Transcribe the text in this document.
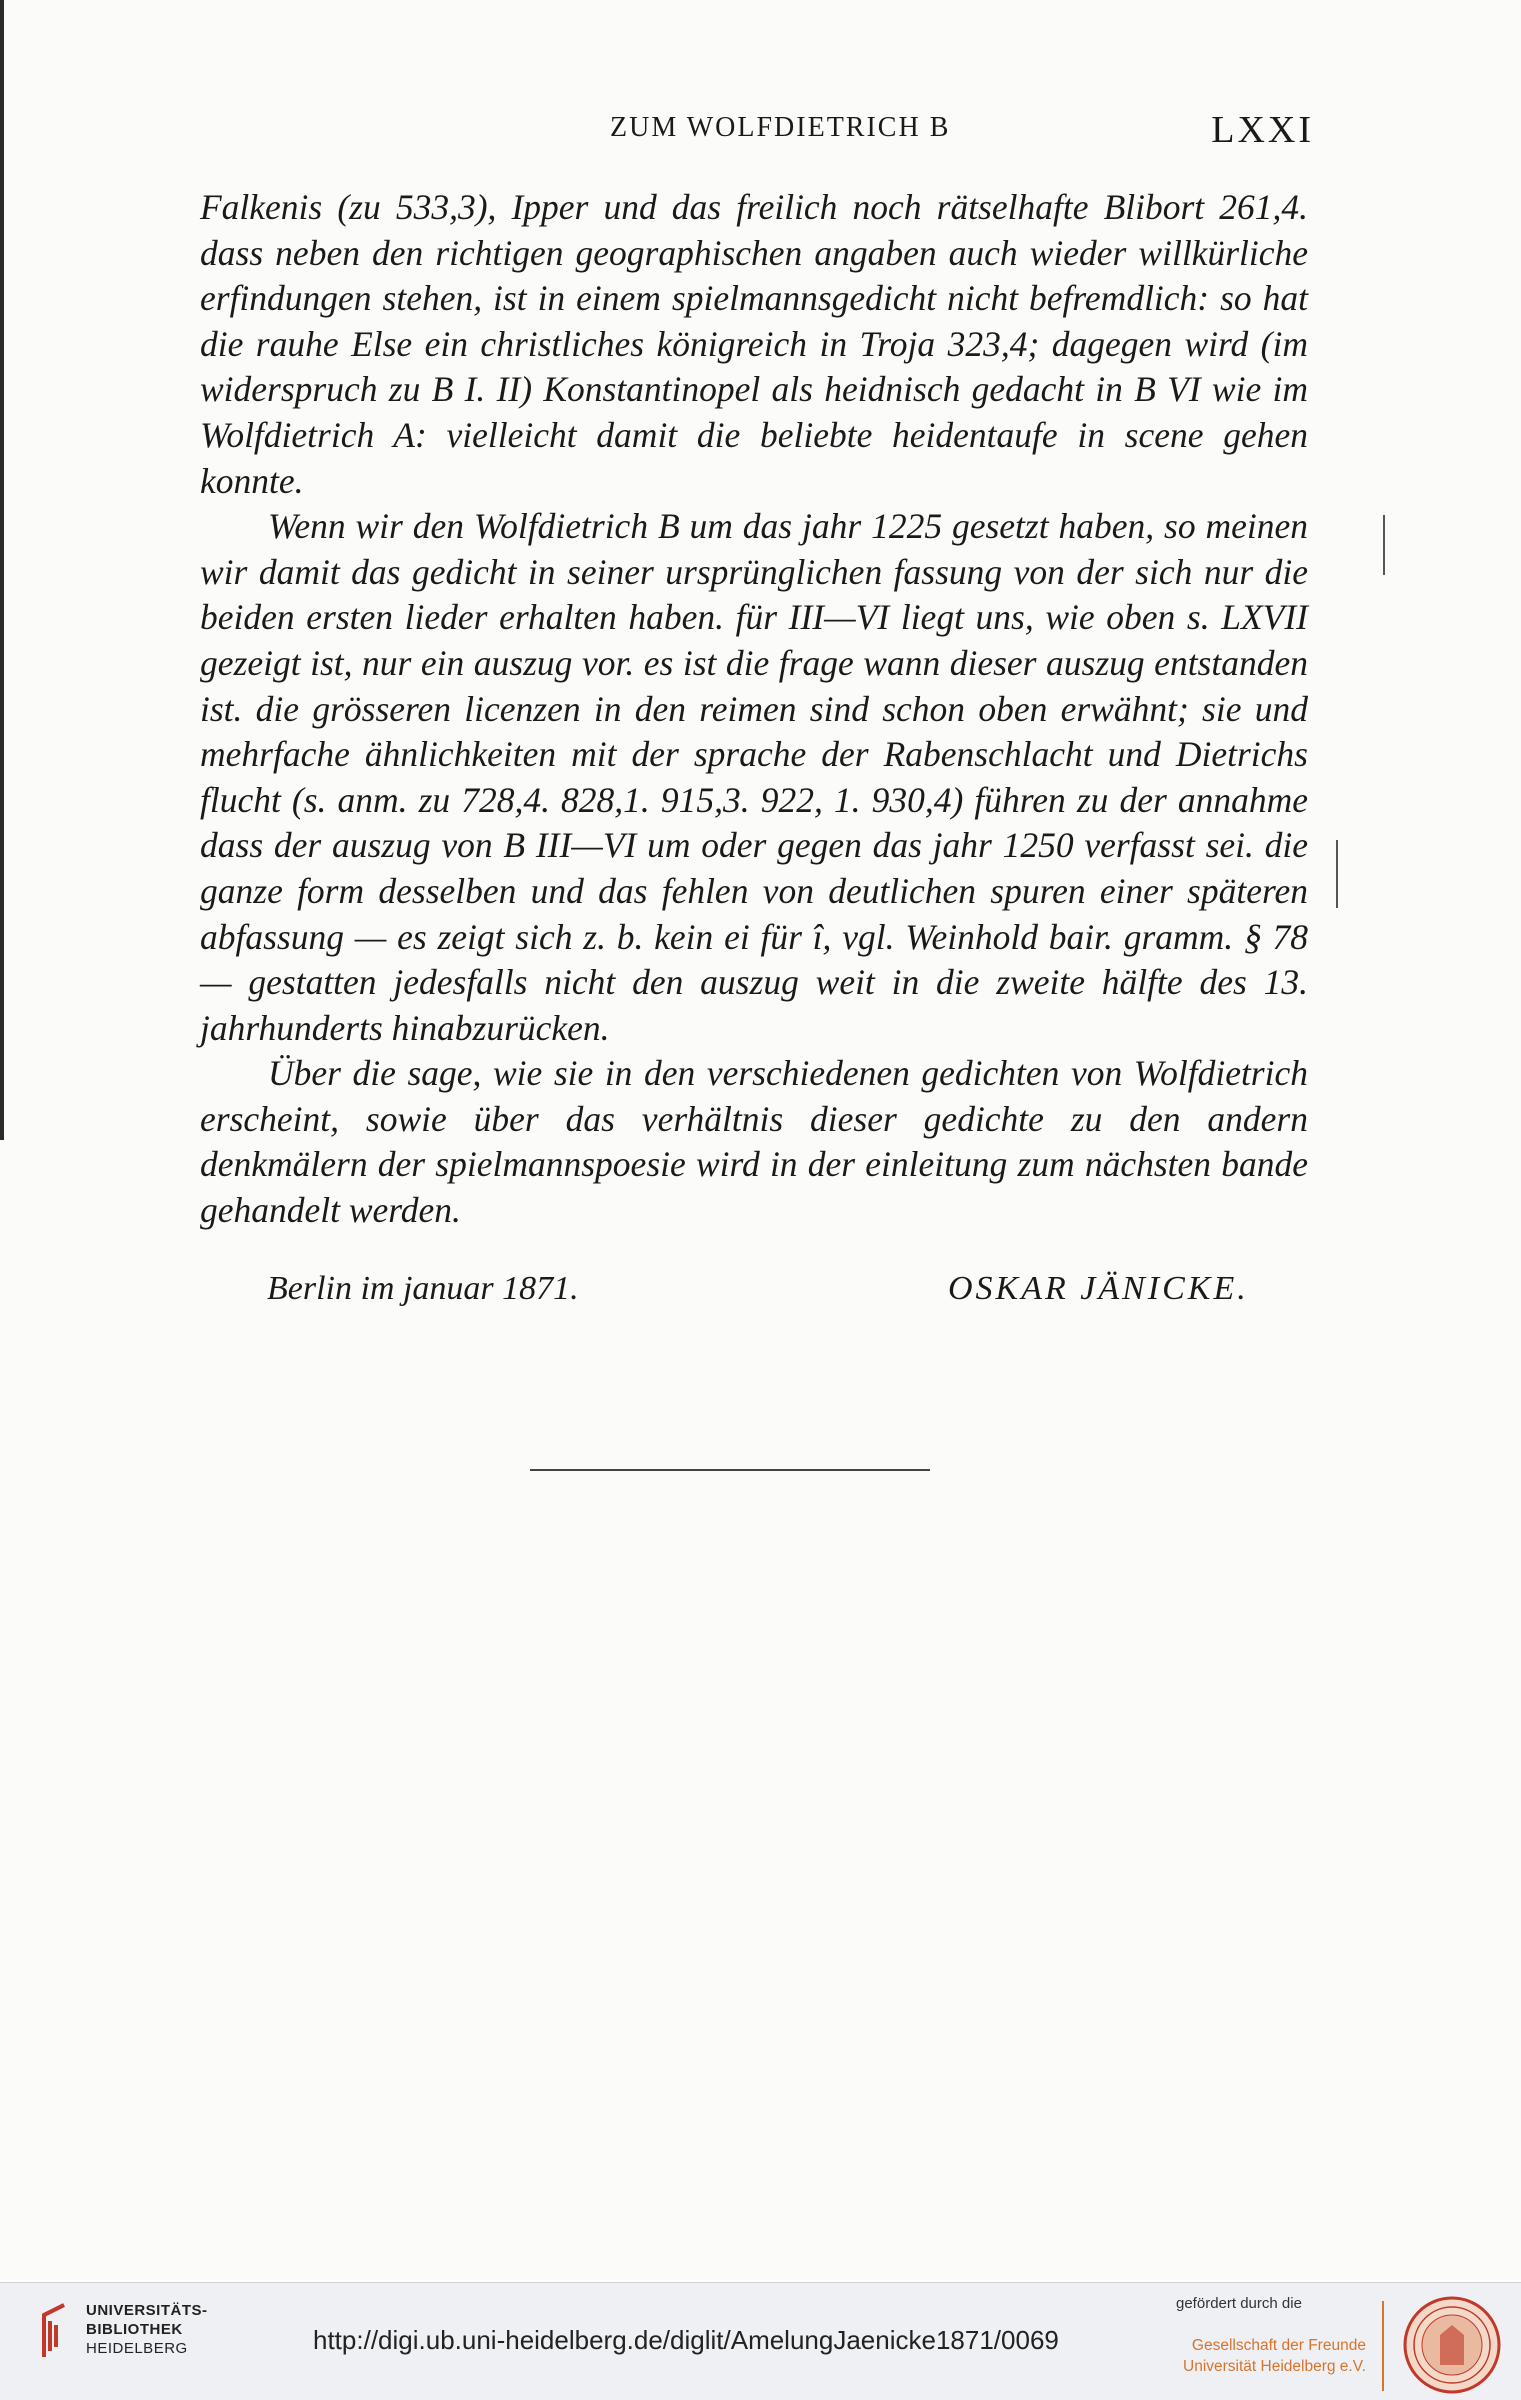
ZUM WOLFDIETRICH B	LXXI

Falkenis (zu 533,3), Ipper und das freilich noch rätselhafte Blibort 261,4. dass neben den richtigen geographischen angaben auch wieder willkürliche erfindungen stehen, ist in einem spielmannsgedicht nicht befremdlich: so hat die rauhe Else ein christliches königreich in Troja 323,4; dagegen wird (im widerspruch zu B I. II) Konstantinopel als heidnisch gedacht in B VI wie im Wolfdietrich A: vielleicht damit die beliebte heidentaufe in scene gehen konnte.

Wenn wir den Wolfdietrich B um das jahr 1225 gesetzt haben, so meinen wir damit das gedicht in seiner ursprünglichen fassung von der sich nur die beiden ersten lieder erhalten haben. für III—VI liegt uns, wie oben s. LXVII gezeigt ist, nur ein auszug vor. es ist die frage wann dieser auszug entstanden ist. die grösseren licenzen in den reimen sind schon oben erwähnt; sie und mehrfache ähnlichkeiten mit der sprache der Rabenschlacht und Dietrichs flucht (s. anm. zu 728,4. 828,1. 915,3. 922, 1. 930,4) führen zu der annahme dass der auszug von B III—VI um oder gegen das jahr 1250 verfasst sei. die ganze form desselben und das fehlen von deutlichen spuren einer späteren abfassung — es zeigt sich z. b. kein ei für î, vgl. Weinhold bair. gramm. § 78 — gestatten jedesfalls nicht den auszug weit in die zweite hälfte des 13. jahrhunderts hinabzurücken.

Über die sage, wie sie in den verschiedenen gedichten von Wolfdietrich erscheint, sowie über das verhältnis dieser gedichte zu den andern denkmälern der spielmannspoesie wird in der einleitung zum nächsten bande gehandelt werden.

Berlin im januar 1871.	OSKAR JÄNICKE.
UNIVERSITÄTS-
BIBLIOTHEK
HEIDELBERG	http://digi.ub.uni-heidelberg.de/diglit/AmelungJaenicke1871/0069
gefördert durch die
Gesellschaft der Freunde
Universität Heidelberg e.V.
